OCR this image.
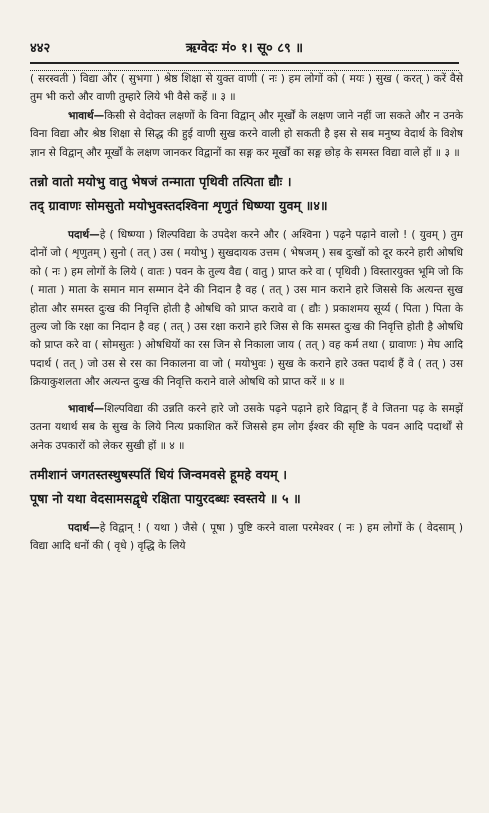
४४२	ऋग्वेदः मं० १। सू० ८९ ॥

( सरस्वती ) विद्या और ( सुभगा ) श्रेष्ठ शिक्षा से युक्त वाणी ( नः ) हम लोगों को ( मयः ) सुख ( करत् ) करें वैसे तुम भी करो और वाणी तुम्हारे लिये भी वैसे कहें ॥ ३ ॥

भावार्थ—किसी से वेदोक्त लक्षणों के विना विद्वान् और मूर्खों के लक्षण जाने नहीं जा सकते और न उनके विना विद्या और श्रेष्ठ शिक्षा से सिद्ध की हुई वाणी सुख करने वाली हो सकती है इस से सब मनुष्य वेदार्थ के विशेष ज्ञान से विद्वान् और मूर्खों के लक्षण जानकर विद्वानों का सङ्ग कर मूर्खों का सङ्ग छोड़ के समस्त विद्या वाले हों ॥ ३ ॥

तन्नो वातो मयोभु वातु भेषजं तन्माता पृथिवी तत्पिता द्यौः ।
तद् ग्रावाणः सोमसुतो मयोभुवस्तदश्विना शृणुतं धिष्ण्या युवम् ॥४॥

पदार्थ—हे ( धिष्ण्या ) शिल्पविद्या के उपदेश करने और ( अश्विना ) पढ़ने पढ़ाने वालो ! ( युवम् ) तुम दोनों जो ( शृणुतम् ) सुनो ( तत् ) उस ( मयोभु ) सुखदायक उत्तम ( भेषजम् ) सब दुःखों को दूर करने हारी ओषधि को ( नः ) हम लोगों के लिये ( वातः ) पवन के तुल्य वैद्य ( वातु ) प्राप्त करे वा ( पृथिवी ) विस्तारयुक्त भूमि जो कि ( माता ) माता के समान मान सम्मान देने की निदान है वह ( तत् ) उस मान कराने हारे जिससे कि अत्यन्त सुख होता और समस्त दुःख की निवृत्ति होती है ओषधि को प्राप्त करावे वा ( द्यौः ) प्रकाशमय सूर्य्य ( पिता ) पिता के तुल्य जो कि रक्षा का निदान है वह ( तत् ) उस रक्षा कराने हारे जिस से कि समस्त दुःख की निवृत्ति होती है ओषधि को प्राप्त करे वा ( सोमसुतः ) ओषधियों का रस जिन से निकाला जाय ( तत् ) वह कर्म तथा ( ग्रावाणः ) मेघ आदि पदार्थ ( तत् ) जो उस से रस का निकालना वा जो ( मयोभुवः ) सुख के कराने हारे उक्त पदार्थ हैं वे ( तत् ) उस क्रियाकुशलता और अत्यन्त दुःख की निवृत्ति कराने वाले ओषधि को प्राप्त करें ॥ ४ ॥

भावार्थ—शिल्पविद्या की उन्नति करने हारे जो उसके पढ़ने पढ़ाने हारे विद्वान् हैं वे जितना पढ़ के समझें उतना यथार्थ सब के सुख के लिये नित्य प्रकाशित करें जिससे हम लोग ईश्वर की सृष्टि के पवन आदि पदार्थों से अनेक उपकारों को लेकर सुखी हों ॥ ४ ॥

तमीशानं जगतस्तस्थुषस्पतिं धियं जिन्वमवसे हूमहे वयम् ।
पूषा नो यथा वेदसामसद्वृधे रक्षिता पायुरदब्धः स्वस्तये ॥ ५ ॥

पदार्थ—हे विद्वान् ! ( यथा ) जैसे ( पूषा ) पुष्टि करने वाला परमेश्वर ( नः ) हम लोगों के ( वेदसाम् ) विद्या आदि धनों की ( वृधे ) वृद्धि के लिये
